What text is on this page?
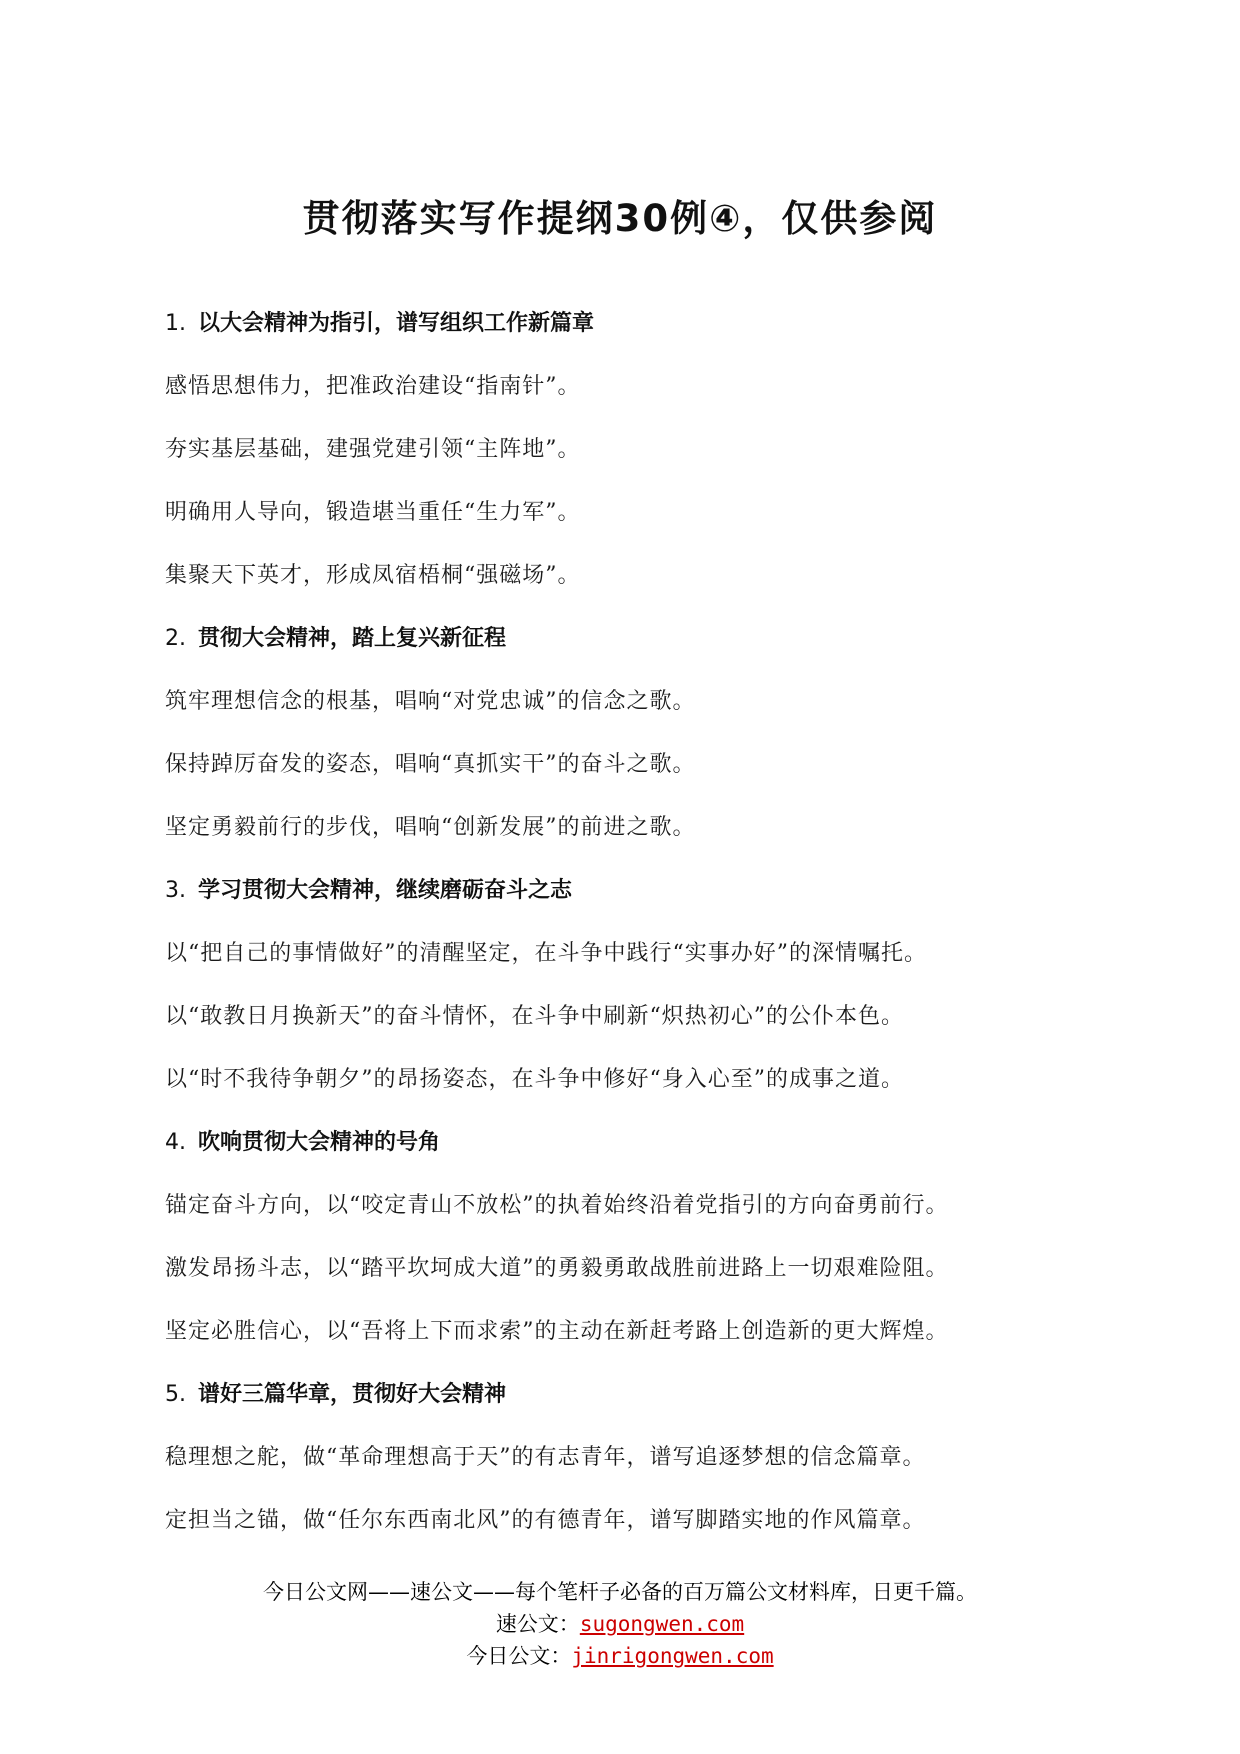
贯彻落实写作提纲30例④，仅供参阅
1. 以大会精神为指引，谱写组织工作新篇章
感悟思想伟力，把准政治建设“指南针”。
夯实基层基础，建强党建引领“主阵地”。
明确用人导向，锻造堪当重任“生力军”。
集聚天下英才，形成凤宿梧桐“强磁场”。
2. 贯彻大会精神，踏上复兴新征程
筑牢理想信念的根基，唱响“对党忠诚”的信念之歌。
保持踔厉奋发的姿态，唱响“真抓实干”的奋斗之歌。
坚定勇毅前行的步伐，唱响“创新发展”的前进之歌。
3. 学习贯彻大会精神，继续磨砺奋斗之志
以“把自己的事情做好”的清醒坚定，在斗争中践行“实事办好”的深情嘱托。
以“敢教日月换新天”的奋斗情怀，在斗争中刷新“炽热初心”的公仆本色。
以“时不我待争朝夕”的昂扬姿态，在斗争中修好“身入心至”的成事之道。
4. 吹响贯彻大会精神的号角
锚定奋斗方向，以“咬定青山不放松”的执着始终沿着党指引的方向奋勇前行。
激发昂扬斗志，以“踏平坎坷成大道”的勇毅勇敢战胜前进路上一切艰难险阻。
坚定必胜信心，以“吾将上下而求索”的主动在新赶考路上创造新的更大辉煌。
5. 谱好三篇华章，贯彻好大会精神
稳理想之舵，做“革命理想高于天”的有志青年，谱写追逐梦想的信念篇章。
定担当之锚，做“任尔东西南北风”的有德青年，谱写脚踏实地的作风篇章。
今日公文网——速公文——每个笔杆子必备的百万篇公文材料库，日更千篇。
速公文：sugongwen.com
今日公文：jinrigongwen.com
